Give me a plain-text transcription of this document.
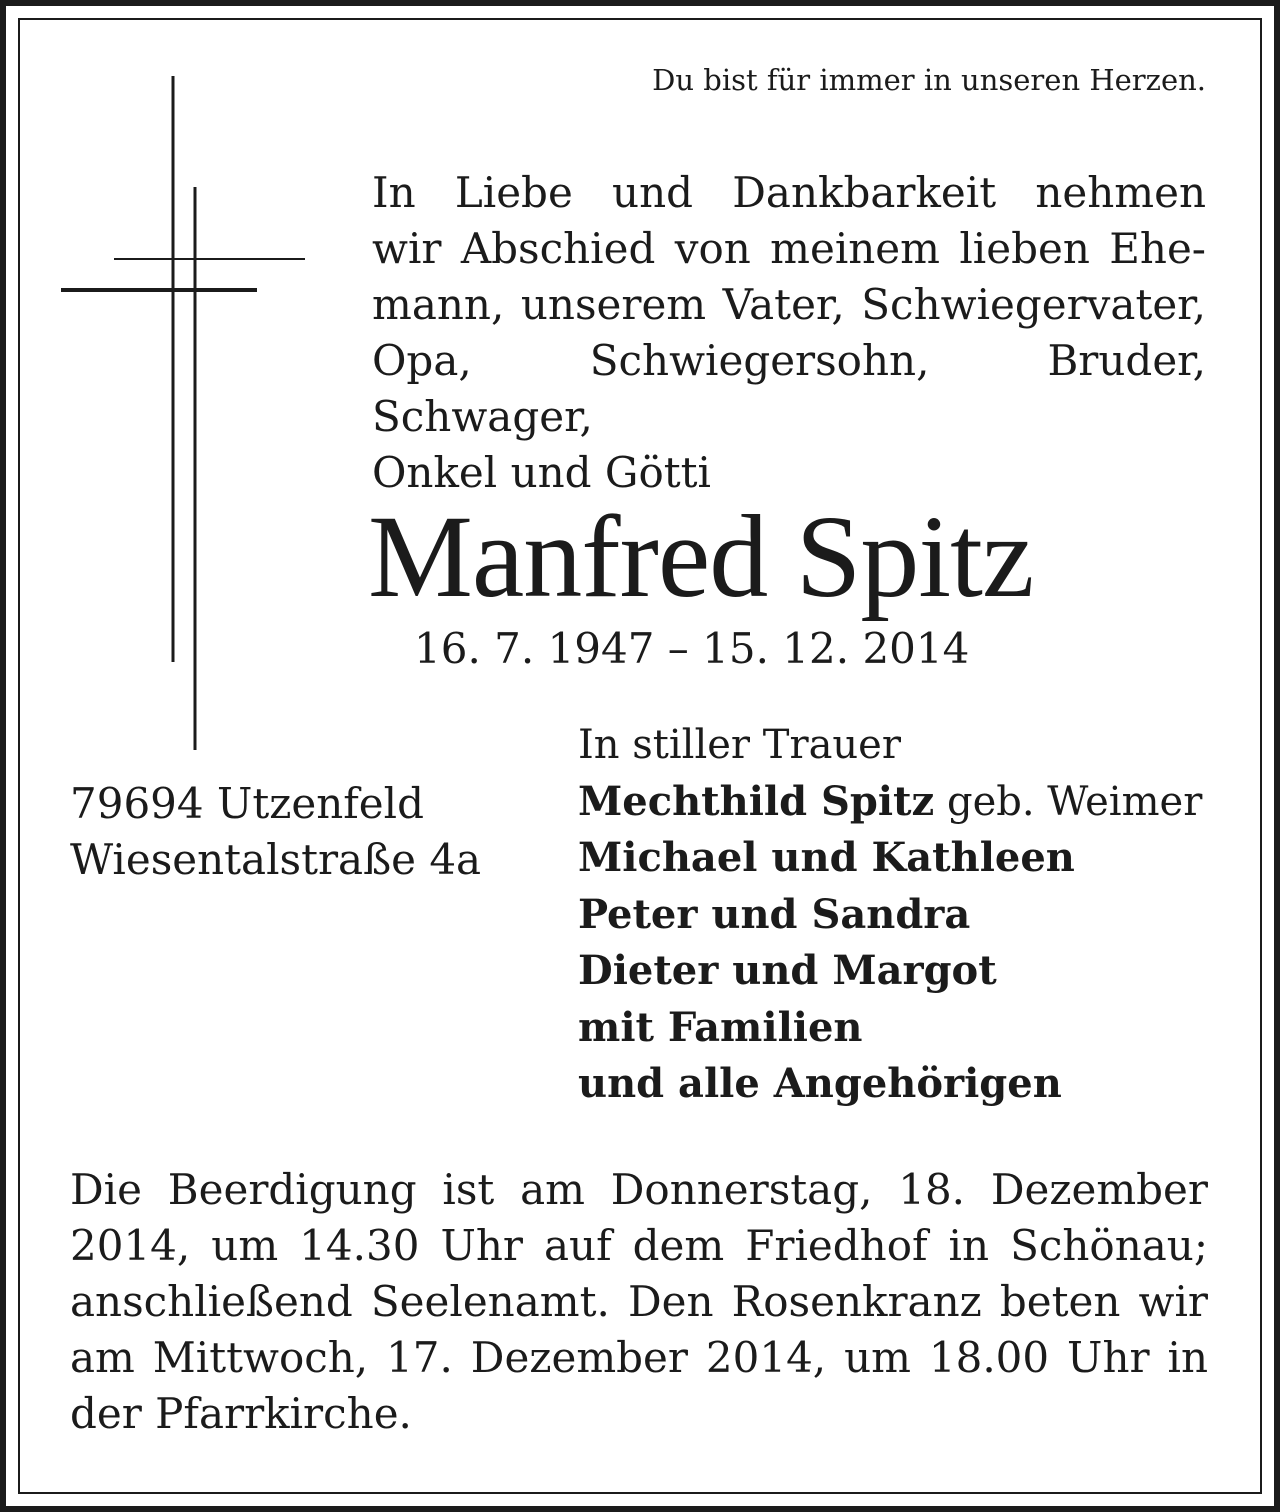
Du bist für immer in unseren Herzen.

In Liebe und Dankbarkeit nehmen
wir Abschied von meinem lieben Ehe-
mann, unserem Vater, Schwiegervater,
Opa, Schwiegersohn, Bruder, Schwager,
Onkel und Götti

Manfred Spitz

16. 7. 1947 – 15. 12. 2014

79694 Utzenfeld
Wiesentalstraße 4a

In stiller Trauer
Mechthild Spitz geb. Weimer
Michael und Kathleen
Peter und Sandra
Dieter und Margot
mit Familien
und alle Angehörigen

Die Beerdigung ist am Donnerstag, 18. Dezember
2014, um 14.30 Uhr auf dem Friedhof in Schönau;
anschließend Seelenamt. Den Rosenkranz beten wir
am Mittwoch, 17. Dezember 2014, um 18.00 Uhr in
der Pfarrkirche.
